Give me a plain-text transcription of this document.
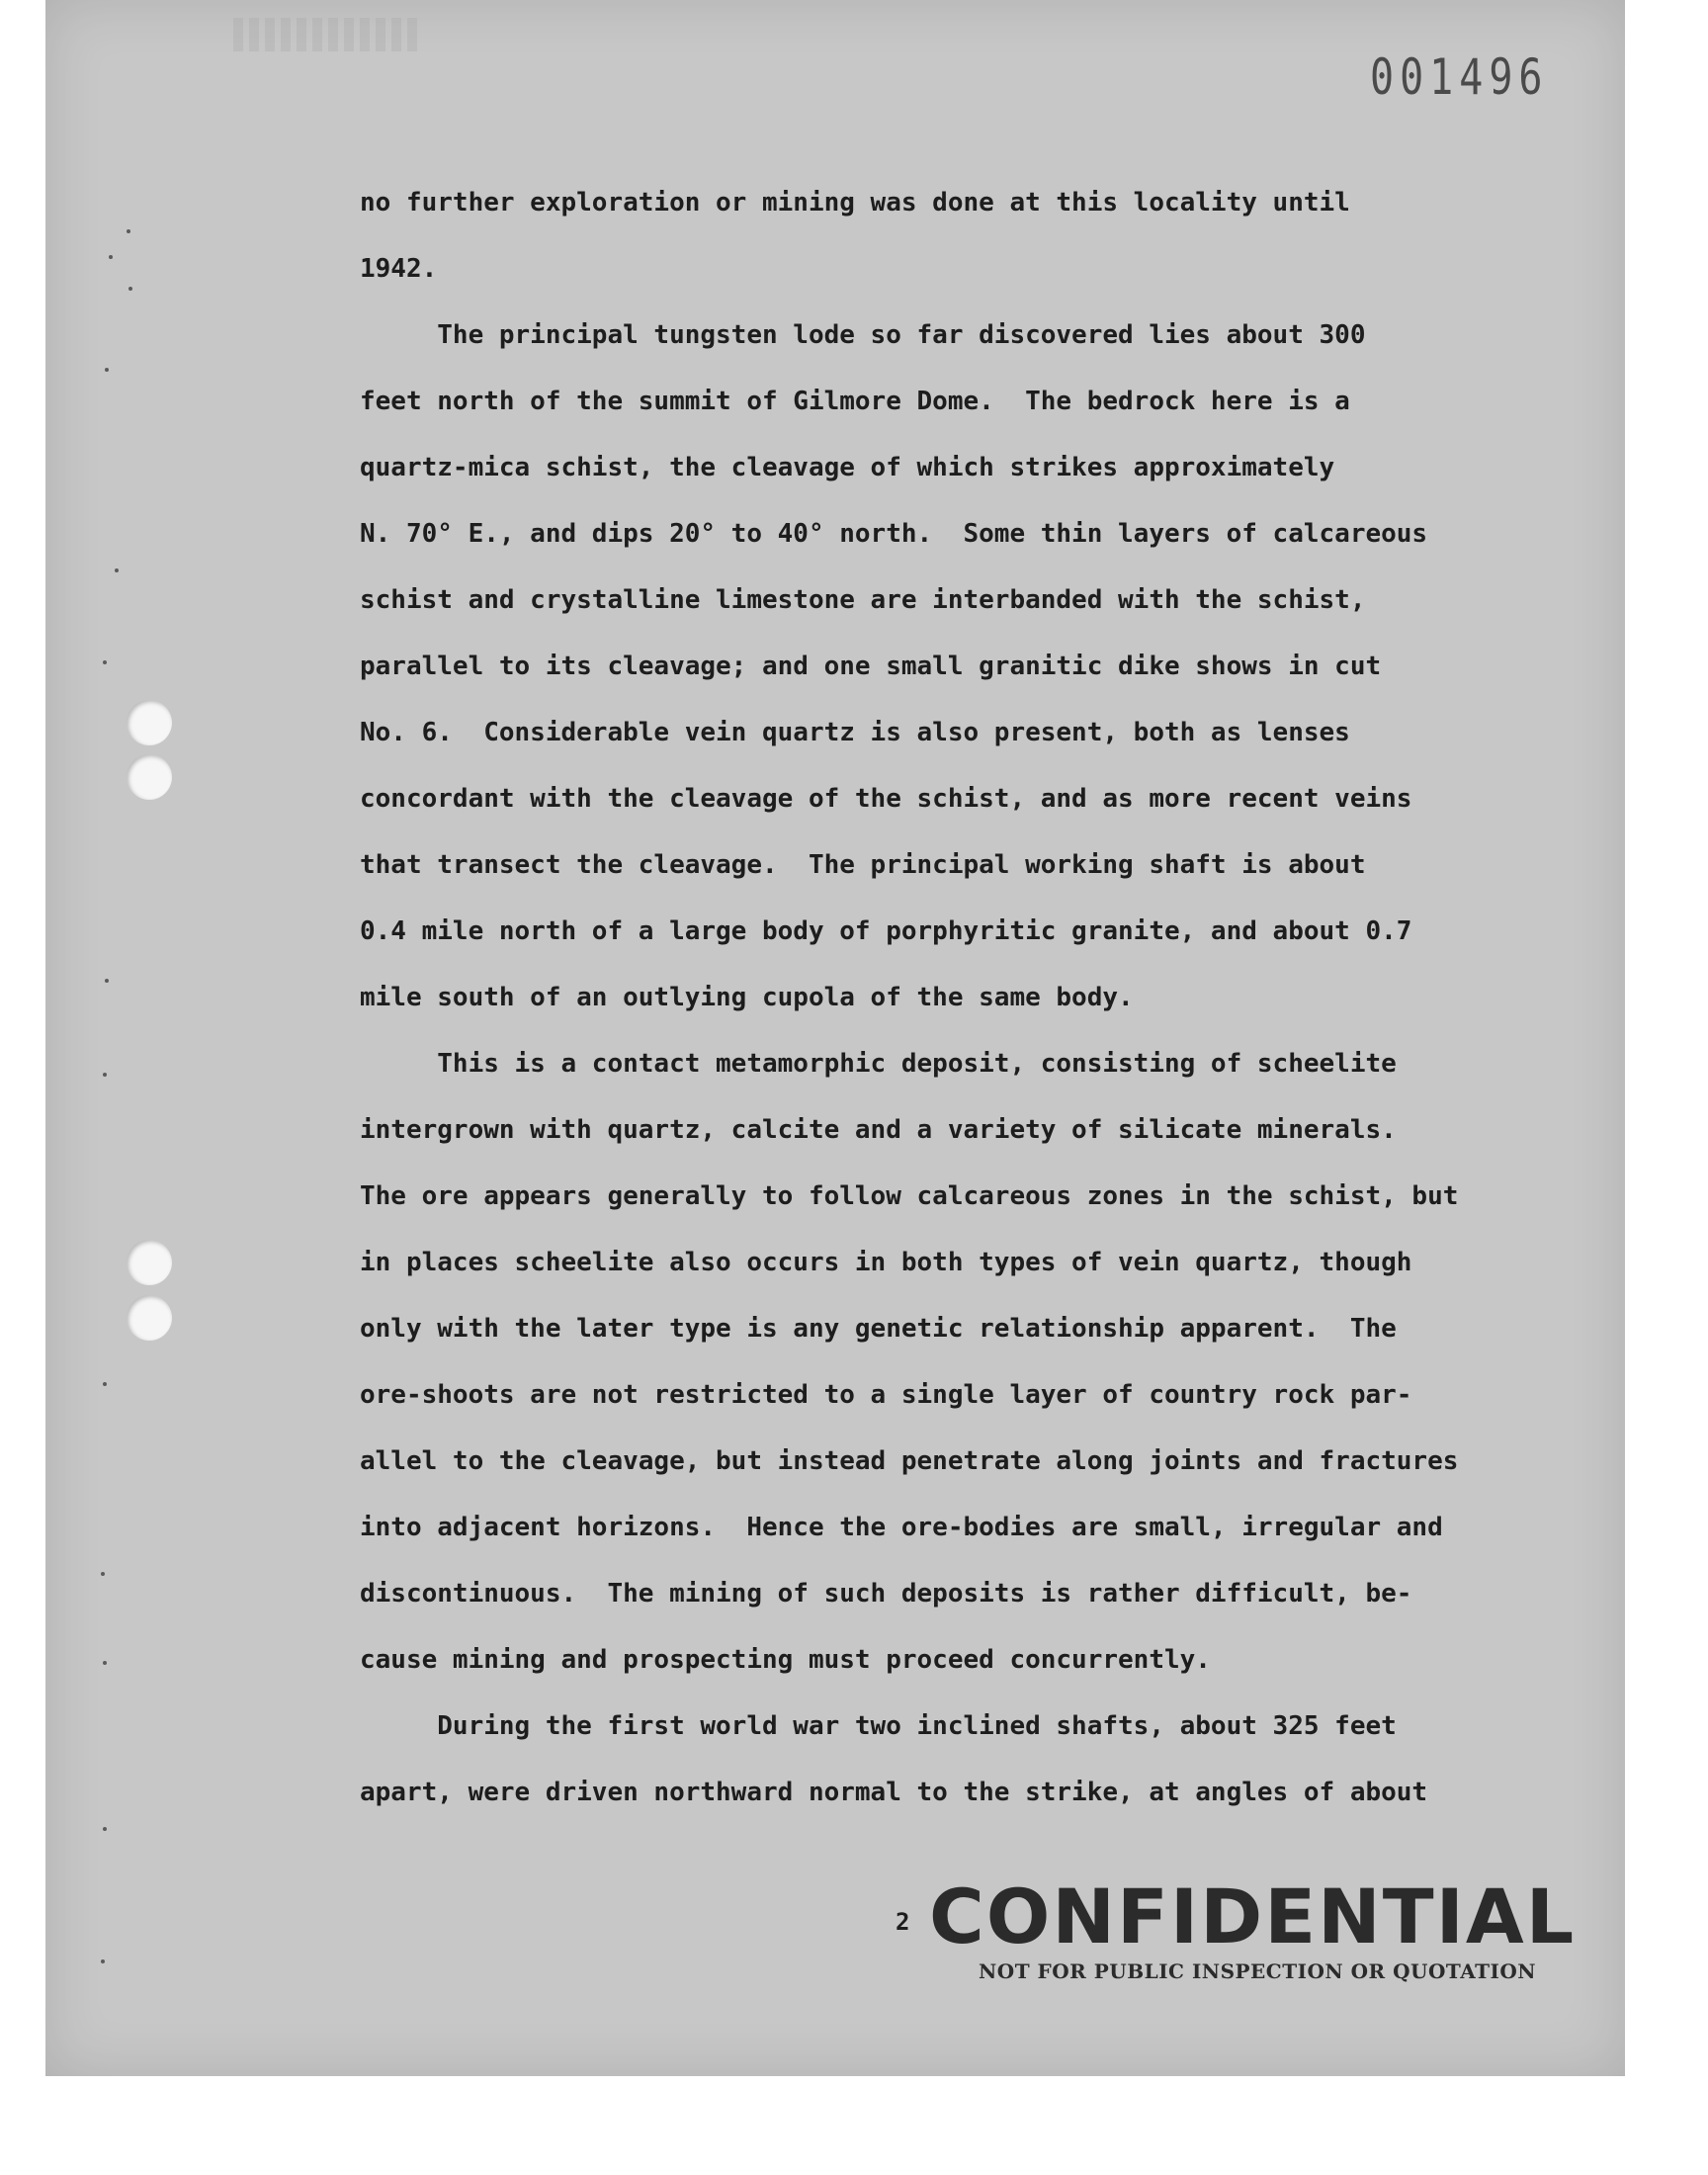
001496
no further exploration or mining was done at this locality until
1942.
The principal tungsten lode so far discovered lies about 300
feet north of the summit of Gilmore Dome.  The bedrock here is a
quartz-mica schist, the cleavage of which strikes approximately
N. 70° E., and dips 20° to 40° north.  Some thin layers of calcareous
schist and crystalline limestone are interbanded with the schist,
parallel to its cleavage; and one small granitic dike shows in cut
No. 6.  Considerable vein quartz is also present, both as lenses
concordant with the cleavage of the schist, and as more recent veins
that transect the cleavage.  The principal working shaft is about
0.4 mile north of a large body of porphyritic granite, and about 0.7
mile south of an outlying cupola of the same body.
This is a contact metamorphic deposit, consisting of scheelite
intergrown with quartz, calcite and a variety of silicate minerals.
The ore appears generally to follow calcareous zones in the schist, but
in places scheelite also occurs in both types of vein quartz, though
only with the later type is any genetic relationship apparent.  The
ore-shoots are not restricted to a single layer of country rock par-
allel to the cleavage, but instead penetrate along joints and fractures
into adjacent horizons.  Hence the ore-bodies are small, irregular and
discontinuous.  The mining of such deposits is rather difficult, be-
cause mining and prospecting must proceed concurrently.
During the first world war two inclined shafts, about 325 feet
apart, were driven northward normal to the strike, at angles of about
2 CONFIDENTIAL
NOT FOR PUBLIC INSPECTION OR QUOTATION
